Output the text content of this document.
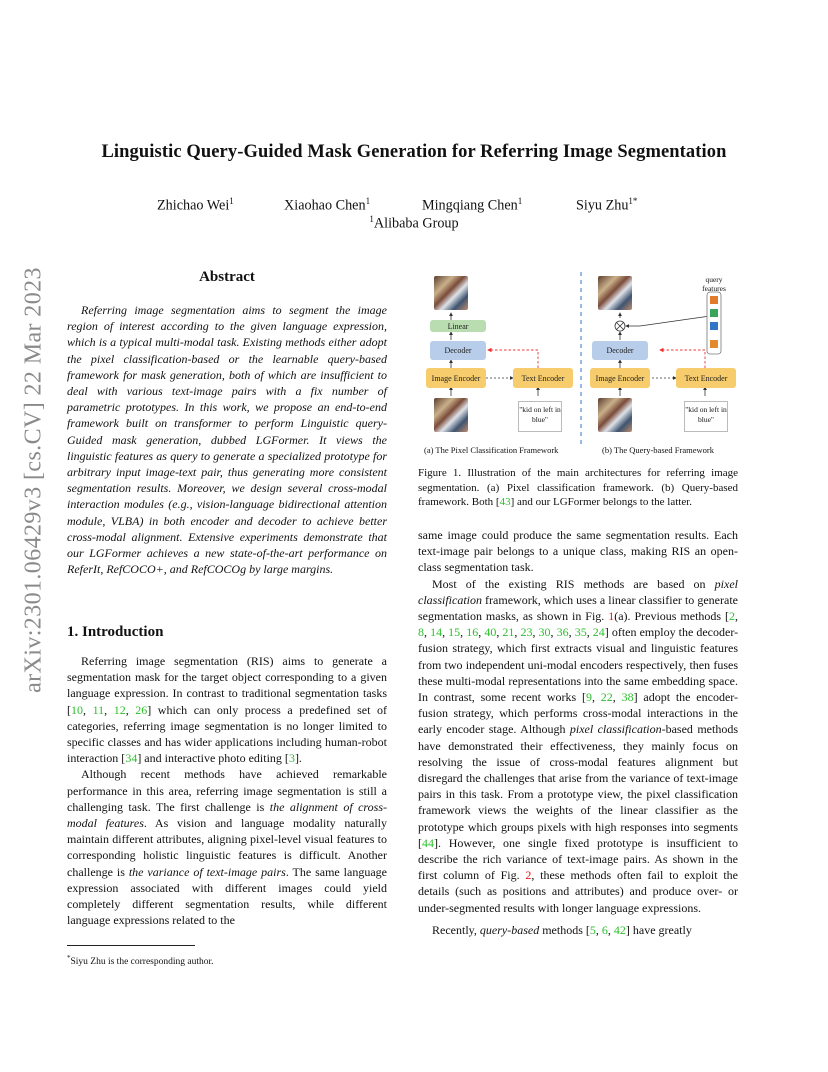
arXiv:2301.06429v3 [cs.CV] 22 Mar 2023
Linguistic Query-Guided Mask Generation for Referring Image Segmentation
Zhichao Wei$^1$	Xiaohao Chen$^1$	Mingqiang Chen$^1$	Siyu Zhu$^{1*}$
$^1$Alibaba Group
Abstract
Referring image segmentation aims to segment the image region of interest according to the given language expression, which is a typical multi-modal task. Existing methods either adopt the pixel classification-based or the learnable query-based framework for mask generation, both of which are insufficient to deal with various text-image pairs with a fix number of parametric prototypes. In this work, we propose an end-to-end framework built on transformer to perform Linguistic query-Guided mask generation, dubbed LGFormer. It views the linguistic features as query to generate a specialized prototype for arbitrary input image-text pair, thus generating more consistent segmentation results. Moreover, we design several cross-modal interaction modules (e.g., vision-language bidirectional attention module, VLBA) in both encoder and decoder to achieve better cross-modal alignment. Extensive experiments demonstrate that our LGFormer achieves a new state-of-the-art performance on ReferIt, RefCOCO+, and RefCOCOg by large margins.
1. Introduction

Referring image segmentation (RIS) aims to generate a segmentation mask for the target object corresponding to a given language expression. In contrast to traditional segmentation tasks [10, 11, 12, 26] which can only process a predefined set of categories, referring image segmentation is no longer limited to specific classes and has wider applications including human-robot interaction [34] and interactive photo editing [3].

Although recent methods have achieved remarkable performance in this area, referring image segmentation is still a challenging task. The first challenge is the alignment of cross-modal features. As vision and language modality naturally maintain different attributes, aligning pixel-level visual features to corresponding holistic linguistic features is difficult. Another challenge is the variance of text-image pairs. The same language expression associated with different images could yield completely different segmentation results, while different language expressions related to the

*Siyu Zhu is the corresponding author.
Linear
Decoder
Image Encoder	Text Encoder
"kid on left in blue"
(a) The Pixel Classification Framework
query features
Decoder
Image Encoder	Text Encoder
"kid on left in blue"
(b) The Query-based Framework
Figure 1. Illustration of the main architectures for referring image segmentation. (a) Pixel classification framework. (b) Query-based framework. Both [43] and our LGFormer belongs to the latter.

same image could produce the same segmentation results. Each text-image pair belongs to a unique class, making RIS an open-class segmentation task.

Most of the existing RIS methods are based on pixel classification framework, which uses a linear classifier to generate segmentation masks, as shown in Fig. 1(a). Previous methods [2, 8, 14, 15, 16, 40, 21, 23, 30, 36, 35, 24] often employ the decoder-fusion strategy, which first extracts visual and linguistic features from two independent uni-modal encoders respectively, then fuses these multi-modal representations into the same embedding space. In contrast, some recent works [9, 22, 38] adopt the encoder-fusion strategy, which performs cross-modal interactions in the early encoder stage. Although pixel classification-based methods have demonstrated their effectiveness, they mainly focus on resolving the issue of cross-modal features alignment but disregard the challenges that arise from the variance of text-image pairs in this task. From a prototype view, the pixel classification framework views the weights of the linear classifier as the prototype which groups pixels with high responses into segments [44]. However, one single fixed prototype is insufficient to describe the rich variance of text-image pairs. As shown in the first column of Fig. 2, these methods often fail to exploit the details (such as positions and attributes) and produce over- or under-segmented results with longer language expressions.

Recently, query-based methods [5, 6, 42] have greatly
